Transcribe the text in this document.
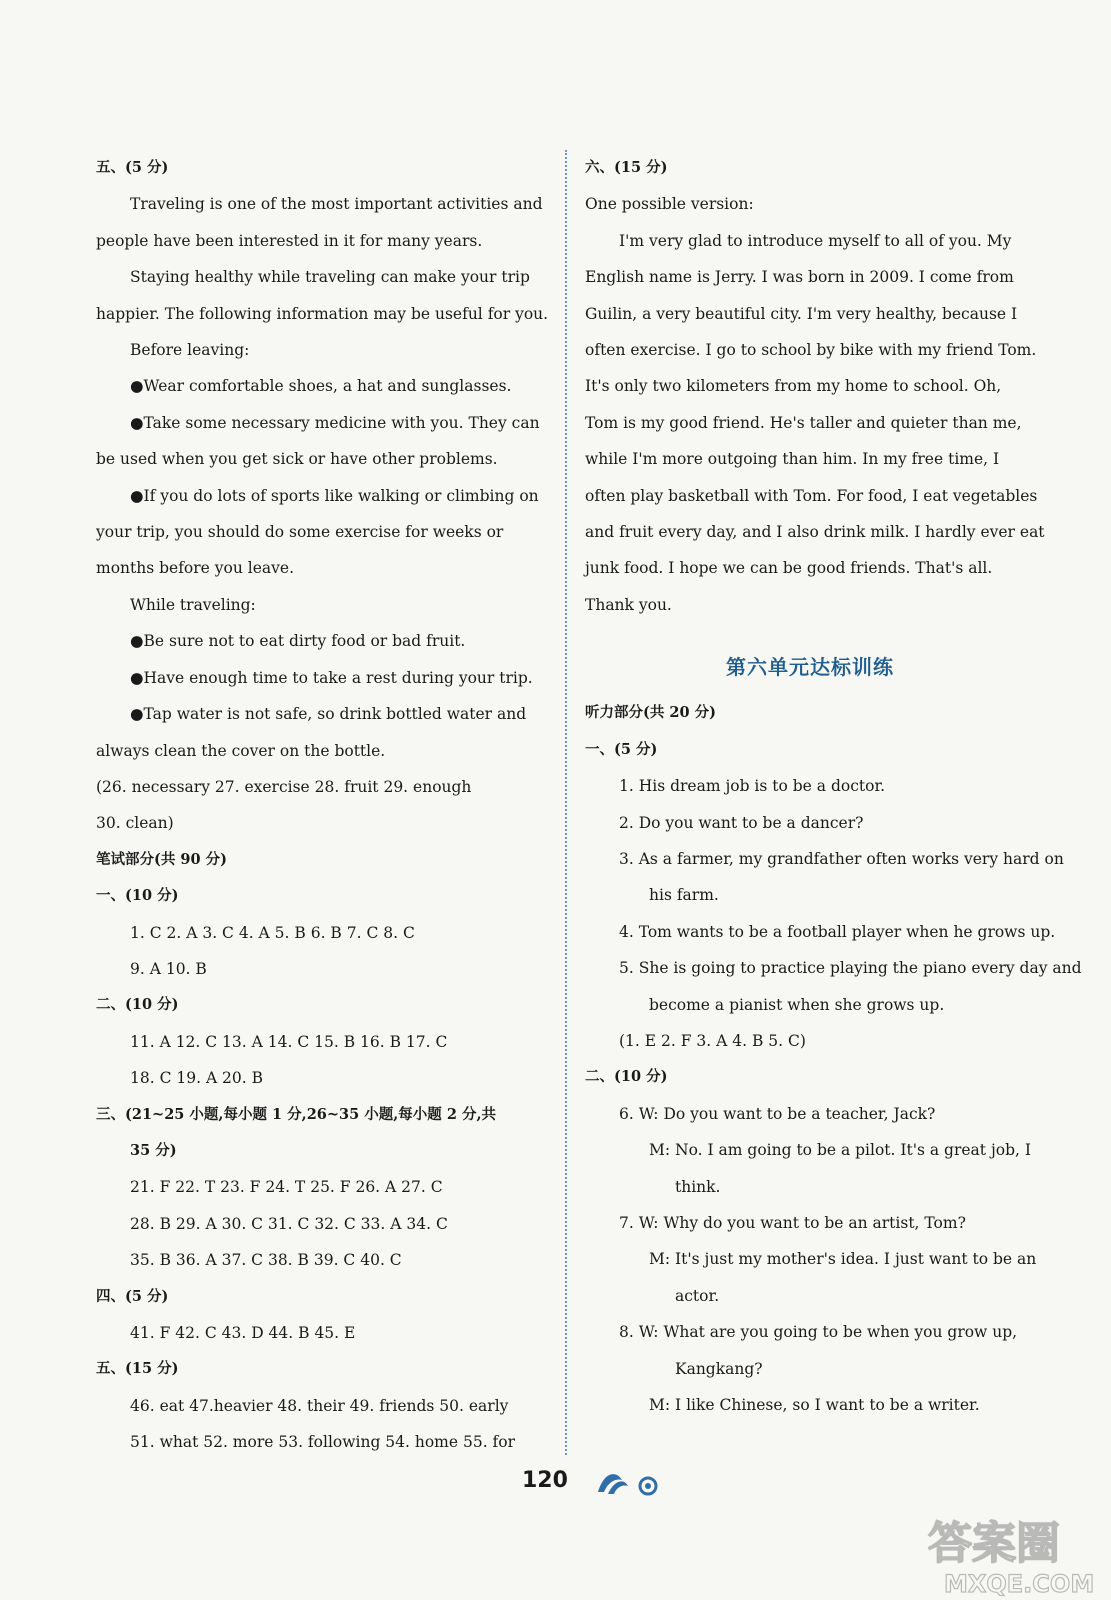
五、(5 分)
Traveling is one of the most important activities and
people have been interested in it for many years.
Staying healthy while traveling can make your trip
happier. The following information may be useful for you.
Before leaving:
●Wear comfortable shoes, a hat and sunglasses.
●Take some necessary medicine with you. They can
be used when you get sick or have other problems.
●If you do lots of sports like walking or climbing on
your trip, you should do some exercise for weeks or
months before you leave.
While traveling:
●Be sure not to eat dirty food or bad fruit.
●Have enough time to take a rest during your trip.
●Tap water is not safe, so drink bottled water and
always clean the cover on the bottle.
(26. necessary 27. exercise 28. fruit 29. enough
30. clean)
笔试部分(共 90 分)
一、(10 分)
1. C 2. A 3. C 4. A 5. B 6. B 7. C 8. C
9. A 10. B
二、(10 分)
11. A 12. C 13. A 14. C 15. B 16. B 17. C
18. C 19. A 20. B
三、(21~25 小题,每小题 1 分,26~35 小题,每小题 2 分,共
35 分)
21. F 22. T 23. F 24. T 25. F 26. A 27. C
28. B 29. A 30. C 31. C 32. C 33. A 34. C
35. B 36. A 37. C 38. B 39. C 40. C
四、(5 分)
41. F 42. C 43. D 44. B 45. E
五、(15 分)
46. eat 47.heavier 48. their 49. friends 50. early
51. what 52. more 53. following 54. home 55. for
六、(15 分)
One possible version:
I'm very glad to introduce myself to all of you. My
English name is Jerry. I was born in 2009. I come from
Guilin, a very beautiful city. I'm very healthy, because I
often exercise. I go to school by bike with my friend Tom.
It's only two kilometers from my home to school. Oh,
Tom is my good friend. He's taller and quieter than me,
while I'm more outgoing than him. In my free time, I
often play basketball with Tom. For food, I eat vegetables
and fruit every day, and I also drink milk. I hardly ever eat
junk food. I hope we can be good friends. That's all.
Thank you.
第六单元达标训练
听力部分(共 20 分)
一、(5 分)
1. His dream job is to be a doctor.
2. Do you want to be a dancer?
3. As a farmer, my grandfather often works very hard on
his farm.
4. Tom wants to be a football player when he grows up.
5. She is going to practice playing the piano every day and
become a pianist when she grows up.
(1. E 2. F 3. A 4. B 5. C)
二、(10 分)
6. W: Do you want to be a teacher, Jack?
M: No. I am going to be a pilot. It's a great job, I
think.
7. W: Why do you want to be an artist, Tom?
M: It's just my mother's idea. I just want to be an
actor.
8. W: What are you going to be when you grow up,
Kangkang?
M: I like Chinese, so I want to be a writer.
120
答案圈
MXQE.COM
